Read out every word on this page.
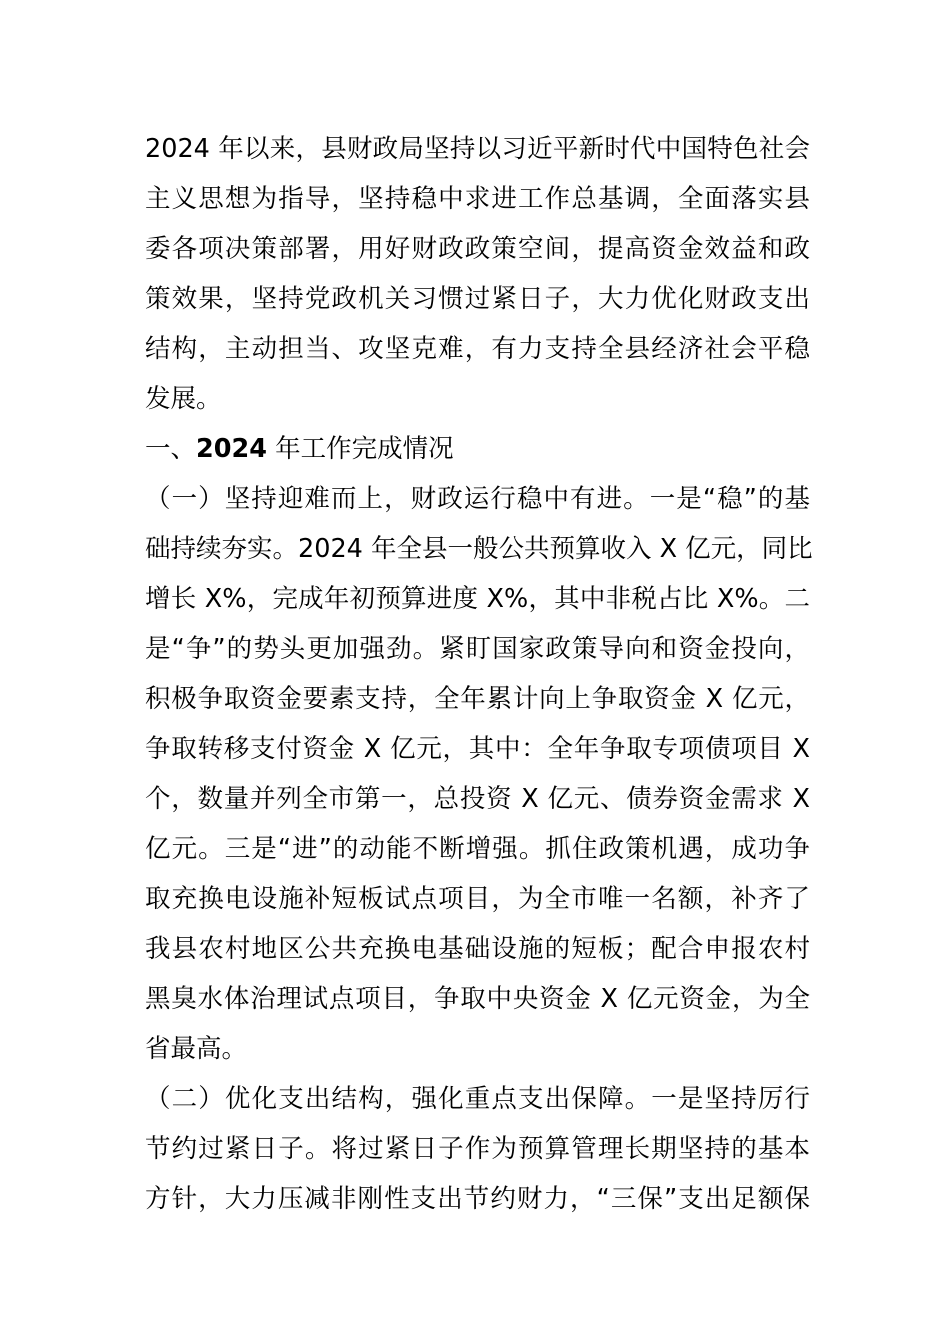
2024 年以来，县财政局坚持以习近平新时代中国特色社会
主义思想为指导，坚持稳中求进工作总基调，全面落实县
委各项决策部署，用好财政政策空间，提高资金效益和政
策效果，坚持党政机关习惯过紧日子，大力优化财政支出
结构，主动担当、攻坚克难，有力支持全县经济社会平稳
发展。
一、2024 年工作完成情况
（一）坚持迎难而上，财政运行稳中有进。一是“稳”的基
础持续夯实。2024 年全县一般公共预算收入 X 亿元，同比
增长 X%，完成年初预算进度 X%，其中非税占比 X%。二
是“争”的势头更加强劲。紧盯国家政策导向和资金投向，
积极争取资金要素支持，全年累计向上争取资金 X 亿元，
争取转移支付资金 X 亿元，其中：全年争取专项债项目 X
个，数量并列全市第一，总投资 X 亿元、债券资金需求 X
亿元。三是“进”的动能不断增强。抓住政策机遇，成功争
取充换电设施补短板试点项目，为全市唯一名额，补齐了
我县农村地区公共充换电基础设施的短板；配合申报农村
黑臭水体治理试点项目，争取中央资金 X 亿元资金，为全
省最高。
（二）优化支出结构，强化重点支出保障。一是坚持厉行
节约过紧日子。将过紧日子作为预算管理长期坚持的基本
方针，大力压减非刚性支出节约财力，“三保”支出足额保
